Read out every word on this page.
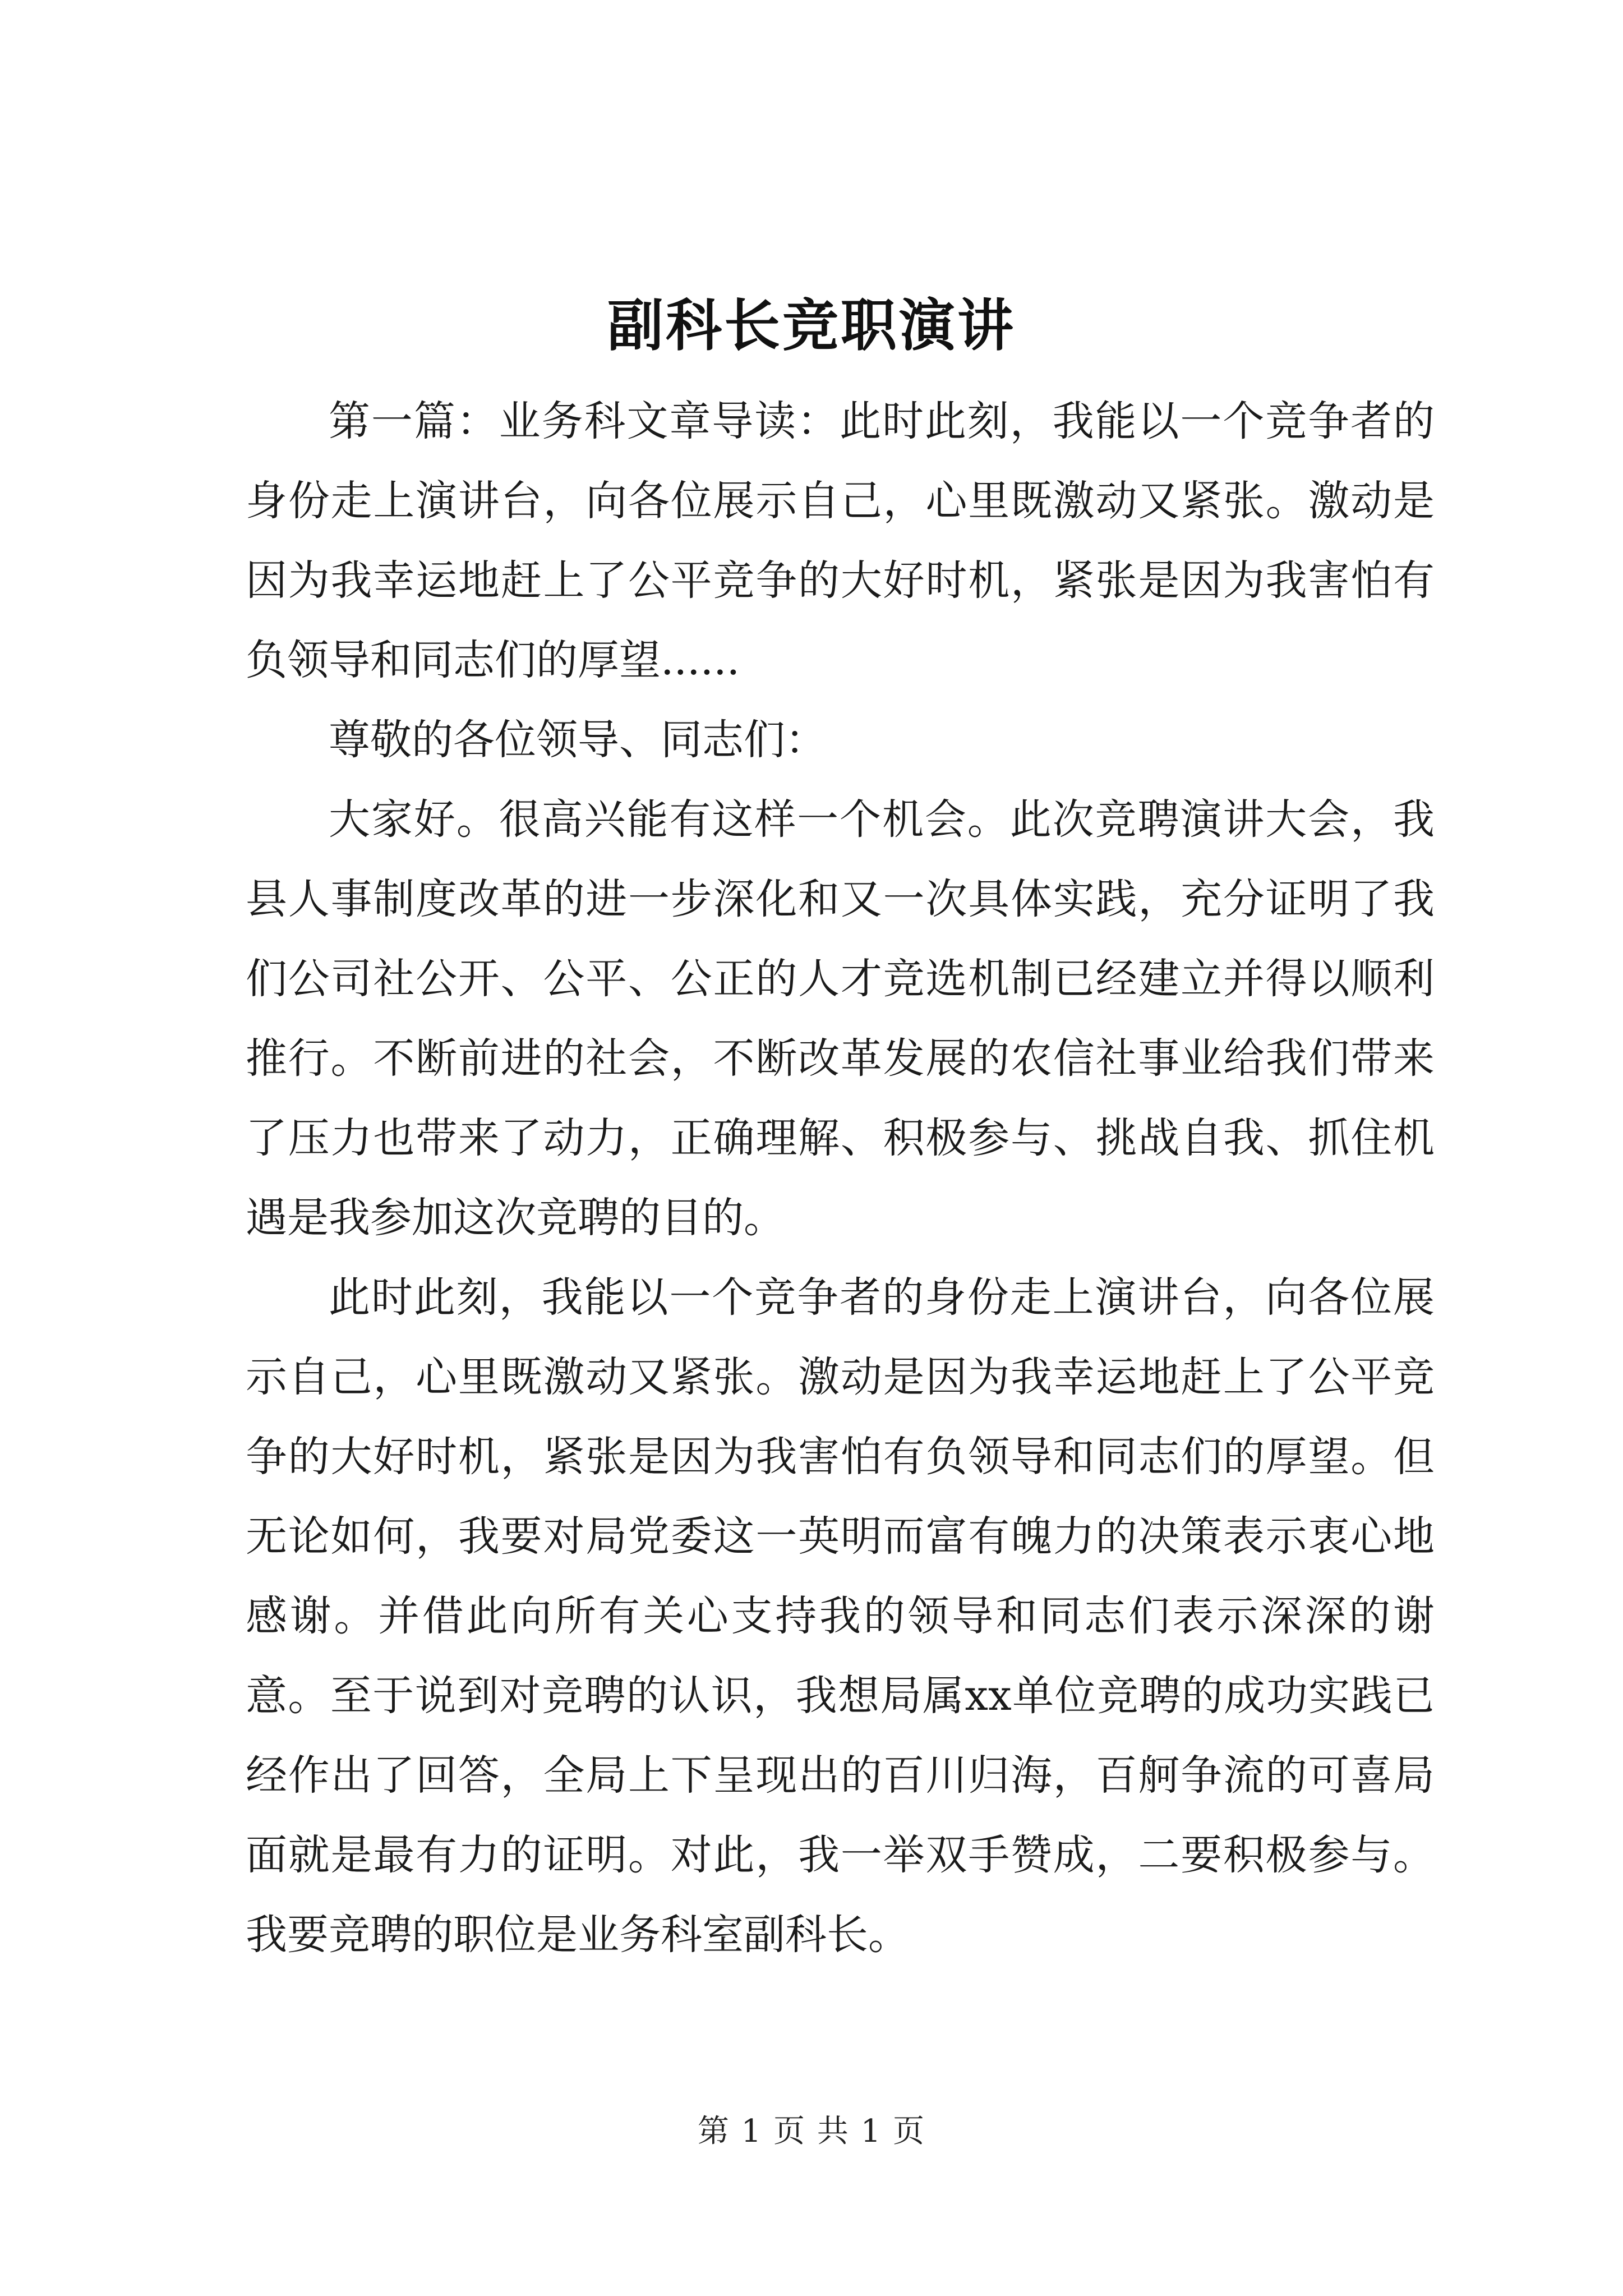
副科长竞职演讲

第一篇：业务科文章导读：此时此刻，我能以一个竞争者的身份走上演讲台，向各位展示自己，心里既激动又紧张。激动是因为我幸运地赶上了公平竞争的大好时机，紧张是因为我害怕有负领导和同志们的厚望......

尊敬的各位领导、同志们：

大家好。很高兴能有这样一个机会。此次竞聘演讲大会，我县人事制度改革的进一步深化和又一次具体实践，充分证明了我们公司社公开、公平、公正的人才竞选机制已经建立并得以顺利推行。不断前进的社会，不断改革发展的农信社事业给我们带来了压力也带来了动力，正确理解、积极参与、挑战自我、抓住机遇是我参加这次竞聘的目的。

此时此刻，我能以一个竞争者的身份走上演讲台，向各位展示自己，心里既激动又紧张。激动是因为我幸运地赶上了公平竞争的大好时机，紧张是因为我害怕有负领导和同志们的厚望。但无论如何，我要对局党委这一英明而富有魄力的决策表示衷心地感谢。并借此向所有关心支持我的领导和同志们表示深深的谢意。至于说到对竞聘的认识，我想局属xx单位竞聘的成功实践已经作出了回答，全局上下呈现出的百川归海，百舸争流的可喜局面就是最有力的证明。对此，我一举双手赞成，二要积极参与。我要竞聘的职位是业务科室副科长。

第 1 页 共 1 页
